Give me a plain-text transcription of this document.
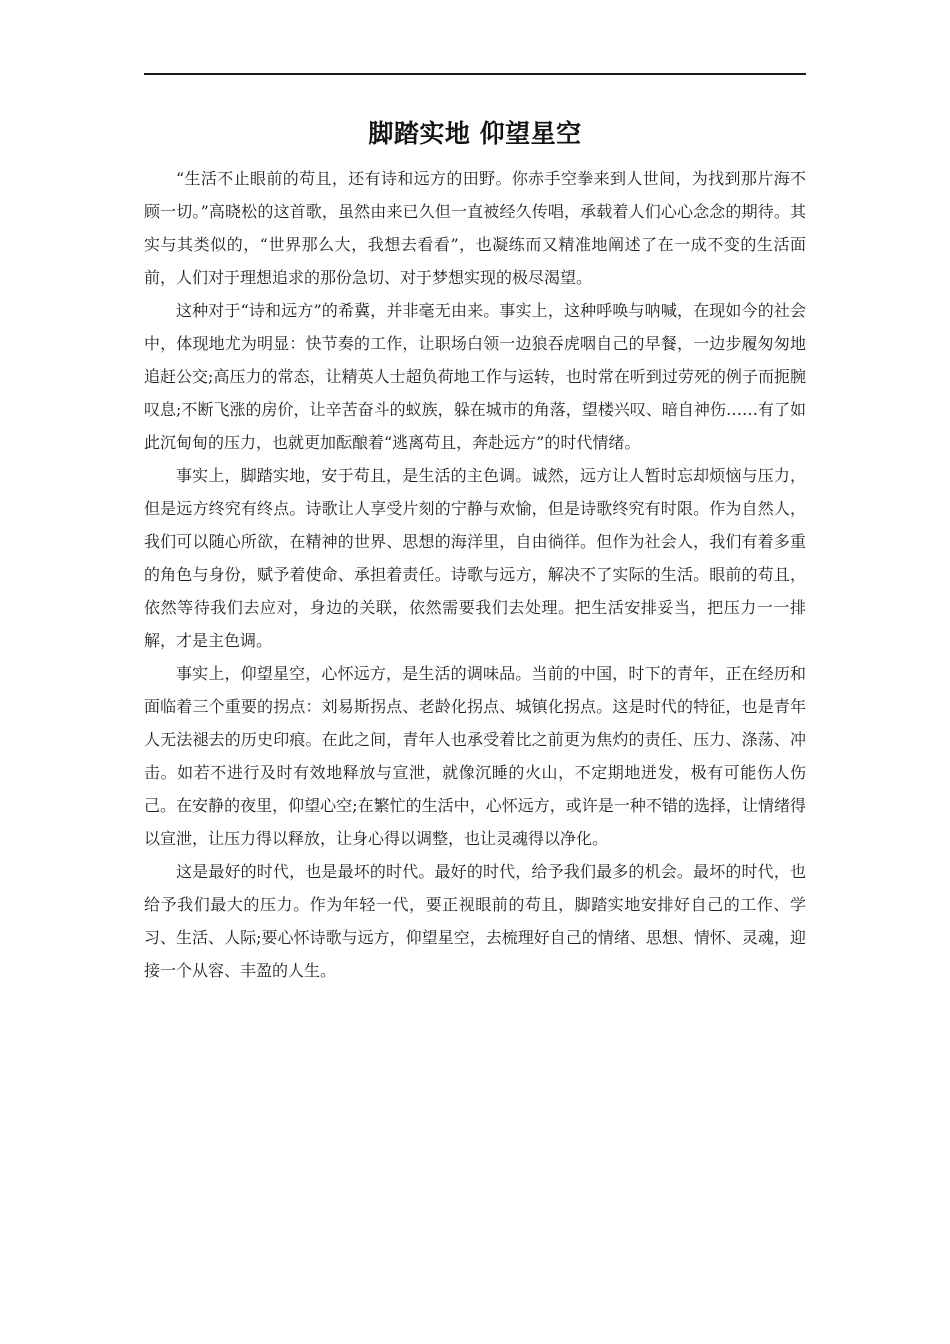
脚踏实地 仰望星空

“生活不止眼前的苟且，还有诗和远方的田野。你赤手空拳来到人世间，为找到那片海不顾一切。”高晓松的这首歌，虽然由来已久但一直被经久传唱，承载着人们心心念念的期待。其实与其类似的，“世界那么大，我想去看看”，也凝练而又精准地阐述了在一成不变的生活面前，人们对于理想追求的那份急切、对于梦想实现的极尽渴望。

这种对于“诗和远方”的希冀，并非毫无由来。事实上，这种呼唤与呐喊，在现如今的社会中，体现地尤为明显：快节奏的工作，让职场白领一边狼吞虎咽自己的早餐，一边步履匆匆地追赶公交;高压力的常态，让精英人士超负荷地工作与运转，也时常在听到过劳死的例子而扼腕叹息;不断飞涨的房价，让辛苦奋斗的蚁族，躲在城市的角落，望楼兴叹、暗自神伤……有了如此沉甸甸的压力，也就更加酝酿着“逃离苟且，奔赴远方”的时代情绪。

事实上，脚踏实地，安于苟且，是生活的主色调。诚然，远方让人暂时忘却烦恼与压力，但是远方终究有终点。诗歌让人享受片刻的宁静与欢愉，但是诗歌终究有时限。作为自然人，我们可以随心所欲，在精神的世界、思想的海洋里，自由徜徉。但作为社会人，我们有着多重的角色与身份，赋予着使命、承担着责任。诗歌与远方，解决不了实际的生活。眼前的苟且，依然等待我们去应对，身边的关联，依然需要我们去处理。把生活安排妥当，把压力一一排解，才是主色调。

事实上，仰望星空，心怀远方，是生活的调味品。当前的中国，时下的青年，正在经历和面临着三个重要的拐点：刘易斯拐点、老龄化拐点、城镇化拐点。这是时代的特征，也是青年人无法褪去的历史印痕。在此之间，青年人也承受着比之前更为焦灼的责任、压力、涤荡、冲击。如若不进行及时有效地释放与宣泄，就像沉睡的火山，不定期地迸发，极有可能伤人伤己。在安静的夜里，仰望心空;在繁忙的生活中，心怀远方，或许是一种不错的选择，让情绪得以宣泄，让压力得以释放，让身心得以调整，也让灵魂得以净化。

这是最好的时代，也是最坏的时代。最好的时代，给予我们最多的机会。最坏的时代，也给予我们最大的压力。作为年轻一代，要正视眼前的苟且，脚踏实地安排好自己的工作、学习、生活、人际;要心怀诗歌与远方，仰望星空，去梳理好自己的情绪、思想、情怀、灵魂，迎接一个从容、丰盈的人生。
